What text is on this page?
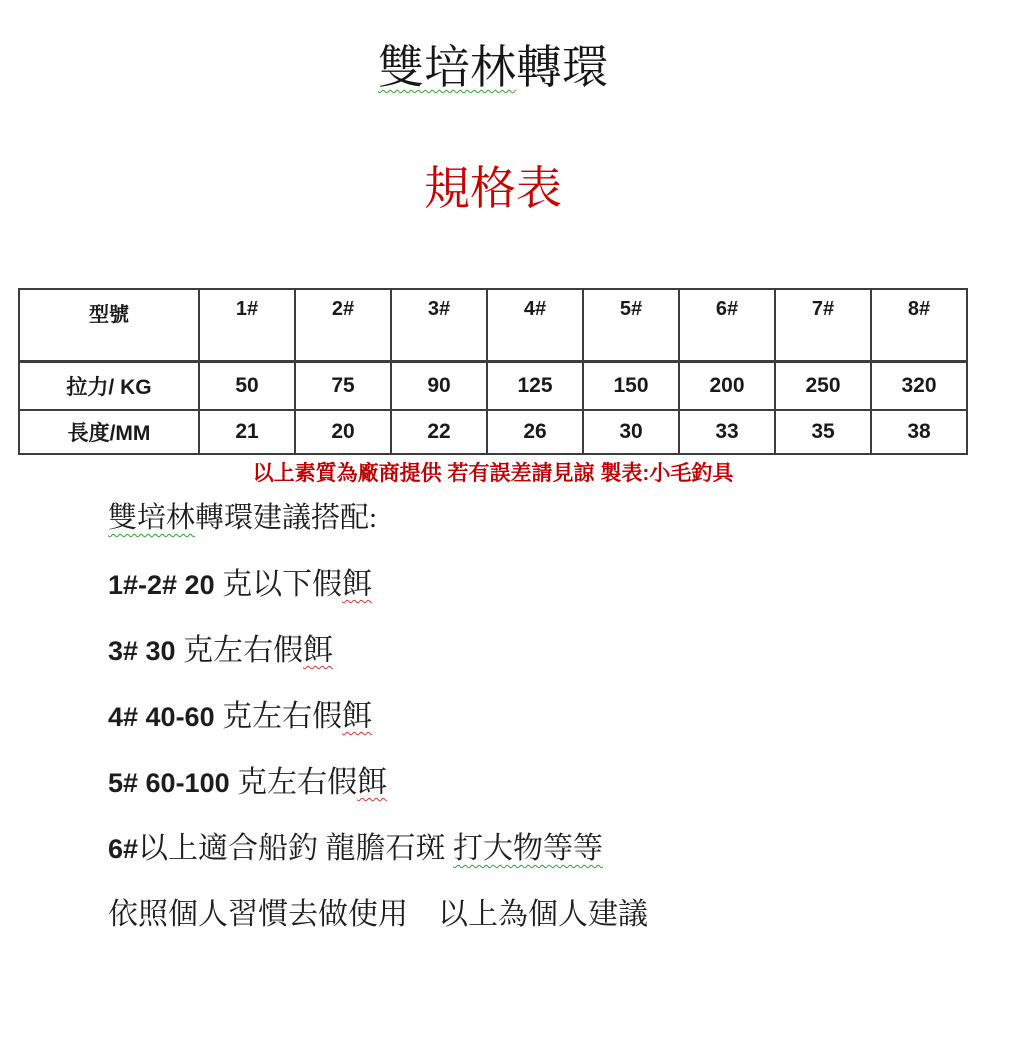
雙培林轉環
規格表
型號	1#	2#	3#	4#	5#	6#	7#	8#
拉力/ KG	50	75	90	125	150	200	250	320
長度/MM	21	20	22	26	30	33	35	38
以上素質為廠商提供 若有誤差請見諒 製表:小毛釣具
雙培林轉環建議搭配:
1#-2# 20 克以下假餌
3# 30 克左右假餌
4# 40-60 克左右假餌
5# 60-100 克左右假餌
6#以上適合船釣 龍膽石斑 打大物等等
依照個人習慣去做使用　以上為個人建議
